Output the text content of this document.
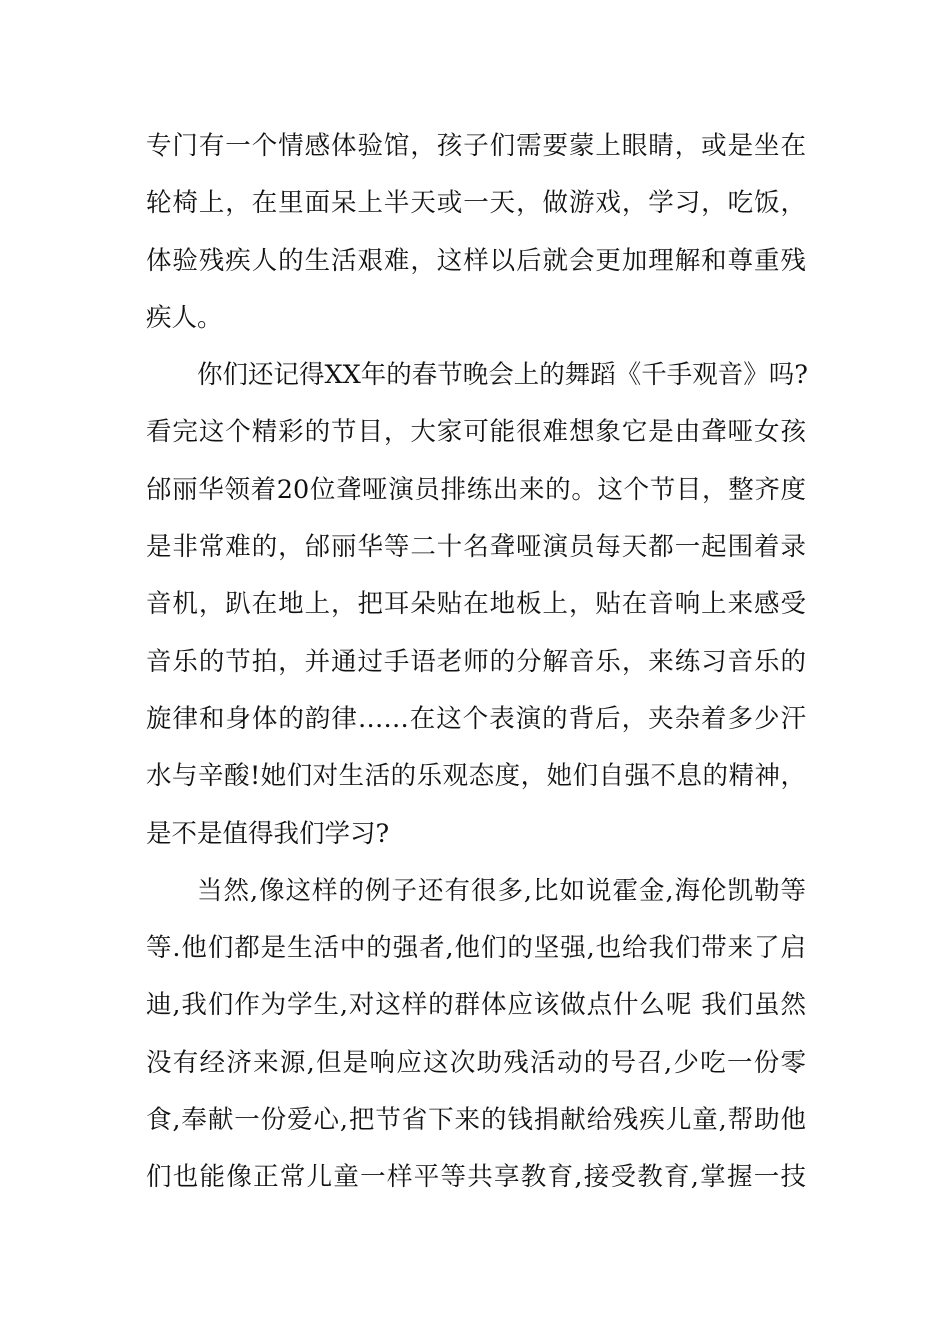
专门有一个情感体验馆，孩子们需要蒙上眼睛，或是坐在
轮椅上，在里面呆上半天或一天，做游戏，学习，吃饭，
体验残疾人的生活艰难，这样以后就会更加理解和尊重残
疾人。
你们还记得XX年的春节晚会上的舞蹈《千手观音》吗?
看完这个精彩的节目，大家可能很难想象它是由聋哑女孩
邰丽华领着20位聋哑演员排练出来的。这个节目，整齐度
是非常难的，邰丽华等二十名聋哑演员每天都一起围着录
音机，趴在地上，把耳朵贴在地板上，贴在音响上来感受
音乐的节拍，并通过手语老师的分解音乐，来练习音乐的
旋律和身体的韵律……在这个表演的背后，夹杂着多少汗
水与辛酸!她们对生活的乐观态度，她们自强不息的精神，
是不是值得我们学习?
当然,像这样的例子还有很多,比如说霍金,海伦凯勒等
等.他们都是生活中的强者,他们的坚强,也给我们带来了启
迪,我们作为学生,对这样的群体应该做点什么呢 我们虽然
没有经济来源,但是响应这次助残活动的号召,少吃一份零
食,奉献一份爱心,把节省下来的钱捐献给残疾儿童,帮助他
们也能像正常儿童一样平等共享教育,接受教育,掌握一技
